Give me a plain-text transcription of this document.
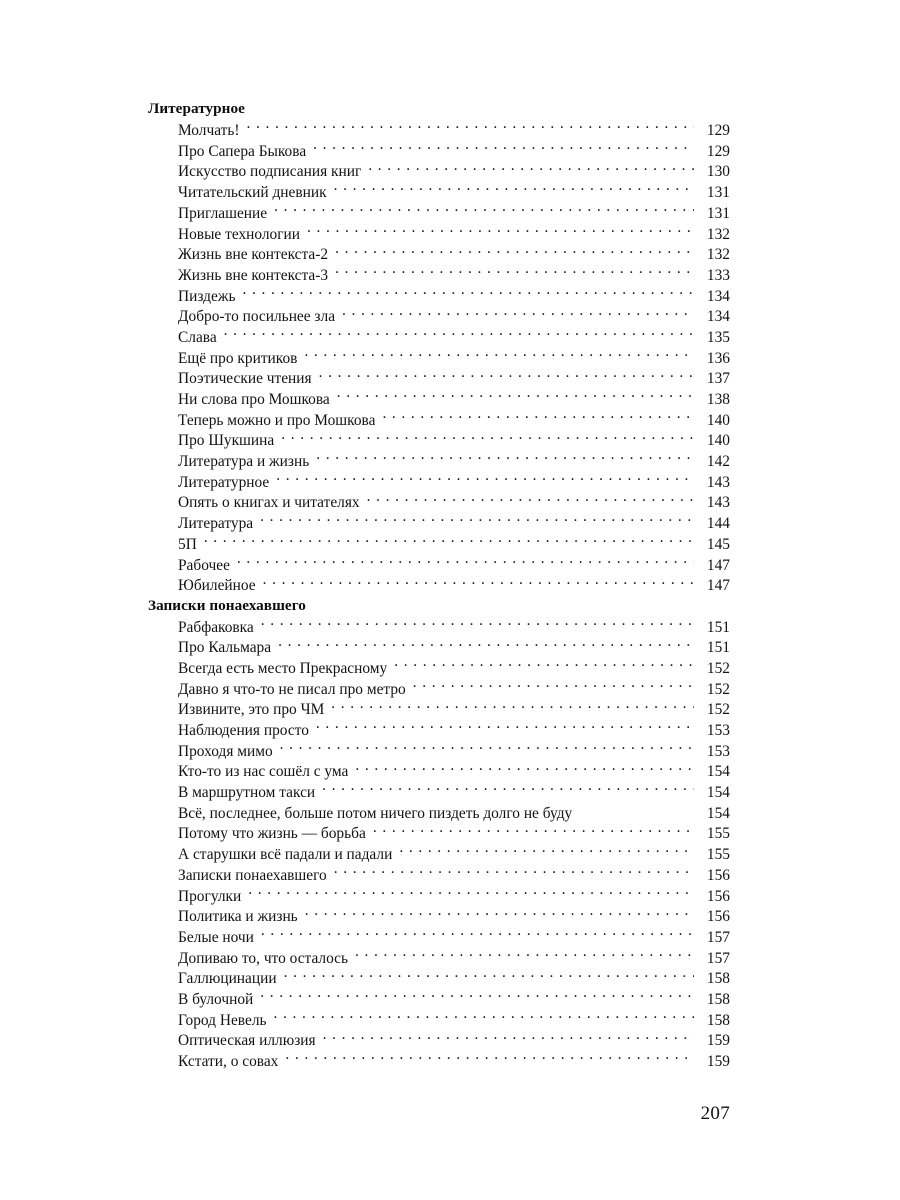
Литературное
Молчать! . . .	129
Про Сапера Быкова . . .	129
Искусство подписания книг . . .	130
Читательский дневник . . .	131
Приглашение . . .	131
Новые технологии . . .	132
Жизнь вне контекста-2 . . .	132
Жизнь вне контекста-3 . . .	133
Пиздежь . . .	134
Добро-то посильнее зла . . .	134
Слава . . .	135
Ещё про критиков . . .	136
Поэтические чтения . . .	137
Ни слова про Мошкова . . .	138
Теперь можно и про Мошкова . . .	140
Про Шукшина . . .	140
Литература и жизнь . . .	142
Литературное . . .	143
Опять о книгах и читателях . . .	143
Литература . . .	144
5П . . .	145
Рабочее . . .	147
Юбилейное . . .	147
Записки понаехавшего
Рабфаковка . . .	151
Про Кальмара . . .	151
Всегда есть место Прекрасному . . .	152
Давно я что-то не писал про метро . . .	152
Извините, это про ЧМ . . .	152
Наблюдения просто . . .	153
Проходя мимо . . .	153
Кто-то из нас сошёл с ума . . .	154
В маршрутном такси . . .	154
Всё, последнее, больше потом ничего пиздеть долго не буду	154
Потому что жизнь — борьба . . .	155
А старушки всё падали и падали . . .	155
Записки понаехавшего . . .	156
Прогулки . . .	156
Политика и жизнь . . .	156
Белые ночи . . .	157
Допиваю то, что осталось . . .	157
Галлюцинации . . .	158
В булочной . . .	158
Город Невель . . .	158
Оптическая иллюзия . . .	159
Кстати, о совах . . .	159
207
